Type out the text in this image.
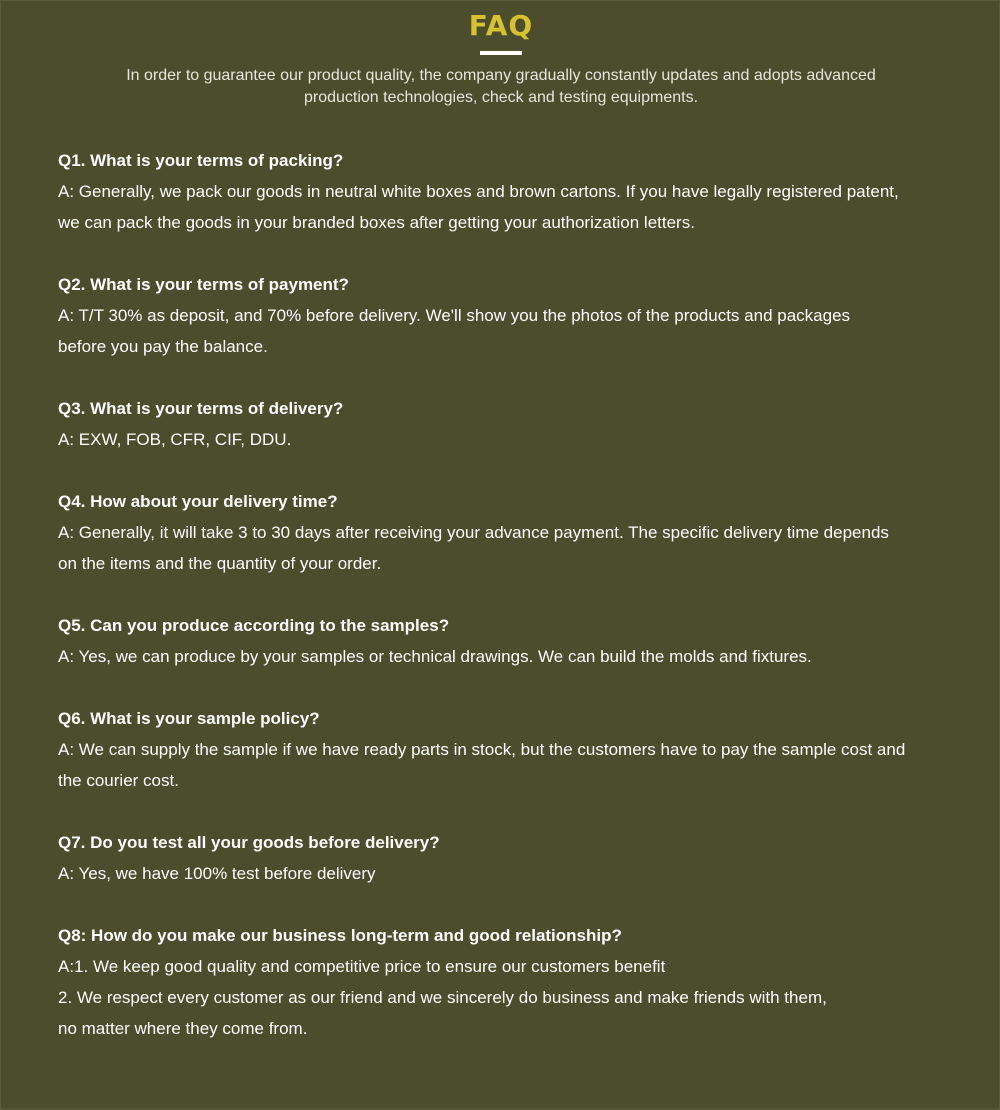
FAQ

In order to guarantee our product quality, the company gradually constantly updates and adopts advanced
production technologies, check and testing equipments.

Q1. What is your terms of packing?

A: Generally, we pack our goods in neutral white boxes and brown cartons. If you have legally registered patent,

we can pack the goods in your branded boxes after getting your authorization letters.

Q2. What is your terms of payment?

A: T/T 30% as deposit, and 70% before delivery. We'll show you the photos of the products and packages

before you pay the balance.

Q3. What is your terms of delivery?

A: EXW, FOB, CFR, CIF, DDU.

Q4. How about your delivery time?

A: Generally, it will take 3 to 30 days after receiving your advance payment. The specific delivery time depends

on the items and the quantity of your order.

Q5. Can you produce according to the samples?

A: Yes, we can produce by your samples or technical drawings. We can build the molds and fixtures.

Q6. What is your sample policy?

A: We can supply the sample if we have ready parts in stock, but the customers have to pay the sample cost and

the courier cost.

Q7. Do you test all your goods before delivery?

A: Yes, we have 100% test before delivery

Q8: How do you make our business long-term and good relationship?

A:1. We keep good quality and competitive price to ensure our customers benefit

2. We respect every customer as our friend and we sincerely do business and make friends with them,

no matter where they come from.
